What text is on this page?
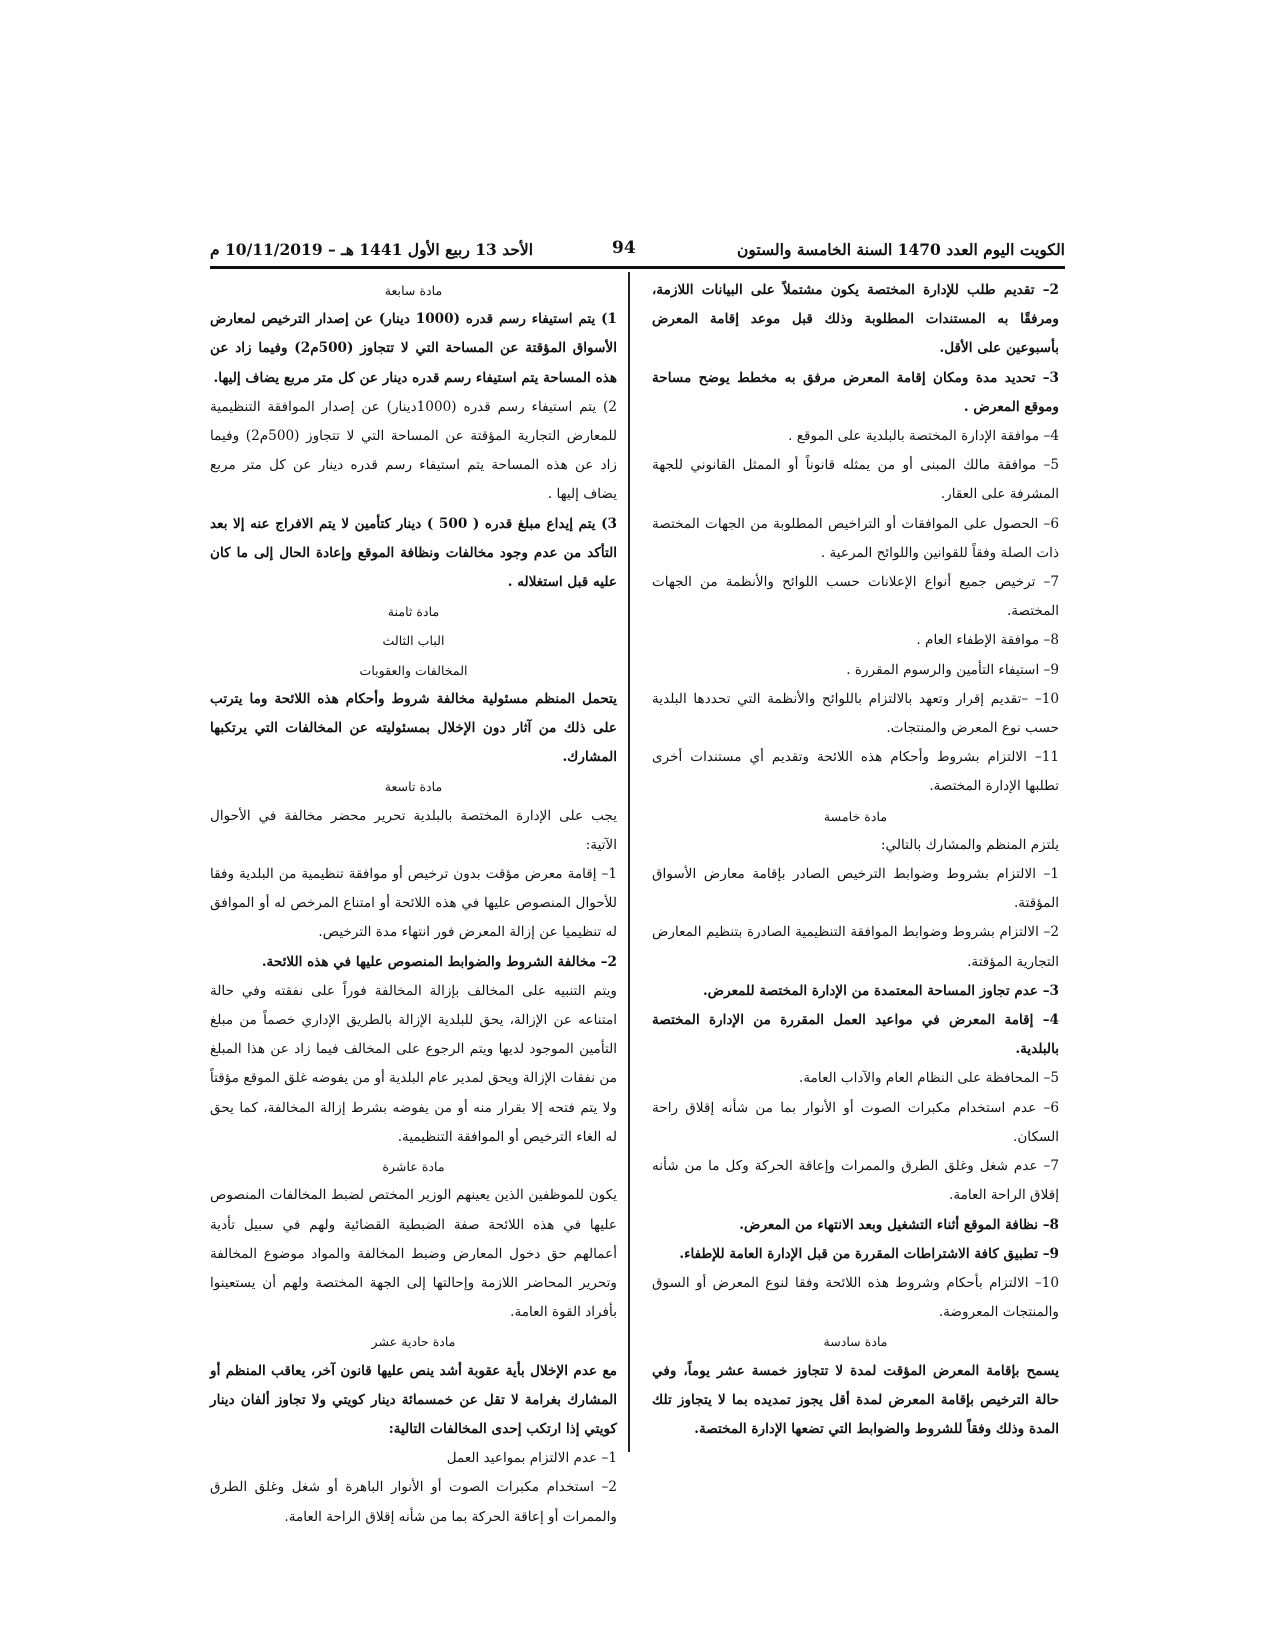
الأحد 13 ربيع الأول 1441 هـ – 10/11/2019 م	94	الكويت اليوم العدد 1470 السنة الخامسة والستون

2– تقديم طلب للإدارة المختصة يكون مشتملاً على البيانات اللازمة، ومرفقًا به المستندات المطلوبة وذلك قبل موعد إقامة المعرض بأسبوعين على الأقل.

3– تحديد مدة ومكان إقامة المعرض مرفق به مخطط يوضح مساحة وموقع المعرض .

4– موافقة الإدارة المختصة بالبلدية على الموقع .

5– موافقة مالك المبنى أو من يمثله قانوناً أو الممثل القانوني للجهة المشرفة على العقار.

6– الحصول على الموافقات أو التراخيص المطلوبة من الجهات المختصة ذات الصلة وفقاً للقوانين واللوائح المرعية .

7– ترخيص جميع أنواع الإعلانات حسب اللوائح والأنظمة من الجهات المختصة.

8– موافقة الإطفاء العام .

9– استيفاء التأمين والرسوم المقررة .

10– –تقديم إقرار وتعهد بالالتزام باللوائح والأنظمة التي تحددها البلدية حسب نوع المعرض والمنتجات.

11– الالتزام بشروط وأحكام هذه اللائحة وتقديم أي مستندات أخرى تطلبها الإدارة المختصة.

مادة خامسة

يلتزم المنظم والمشارك بالتالي:

1– الالتزام بشروط وضوابط الترخيص الصادر بإقامة معارض الأسواق المؤقتة.

2– الالتزام بشروط وضوابط الموافقة التنظيمية الصادرة بتنظيم المعارض التجارية المؤقتة.

3– عدم تجاوز المساحة المعتمدة من الإدارة المختصة للمعرض.

4– إقامة المعرض في مواعيد العمل المقررة من الإدارة المختصة بالبلدية.

5– المحافظة على النظام العام والآداب العامة.

6– عدم استخدام مكبرات الصوت أو الأنوار بما من شأنه إقلاق راحة السكان.

7– عدم شغل وغلق الطرق والممرات وإعاقة الحركة وكل ما من شأنه إقلاق الراحة العامة.

8– نظافة الموقع أثناء التشغيل وبعد الانتهاء من المعرض.

9– تطبيق كافة الاشتراطات المقررة من قبل الإدارة العامة للإطفاء.

10– الالتزام بأحكام وشروط هذه اللائحة وفقا لنوع المعرض أو السوق والمنتجات المعروضة.

مادة سادسة

يسمح بإقامة المعرض المؤقت لمدة لا تتجاوز خمسة عشر يوماً، وفي حالة الترخيص بإقامة المعرض لمدة أقل يجوز تمديده بما لا يتجاوز تلك المدة وذلك وفقاً للشروط والضوابط التي تضعها الإدارة المختصة.

مادة سابعة

1) يتم استيفاء رسم قدره (1000 دينار) عن إصدار الترخيص لمعارض الأسواق المؤقتة عن المساحة التي لا تتجاوز (500م2) وفيما زاد عن هذه المساحة يتم استيفاء رسم قدره دينار عن كل متر مربع يضاف إليها.

2) يتم استيفاء رسم قدره (1000دينار) عن إصدار الموافقة التنظيمية للمعارض التجارية المؤقتة عن المساحة التي لا تتجاوز (500م2) وفيما زاد عن هذه المساحة يتم استيفاء رسم قدره دينار عن كل متر مربع يضاف إليها .

3) يتم إيداع مبلغ قدره ( 500 ) دينار كتأمين لا يتم الافراج عنه إلا بعد التأكد من عدم وجود مخالفات ونظافة الموقع وإعادة الحال إلى ما كان عليه قبل استغلاله .

مادة ثامنة

الباب الثالث

المخالفات والعقوبات

يتحمل المنظم مسئولية مخالفة شروط وأحكام هذه اللائحة وما يترتب على ذلك من آثار دون الإخلال بمسئوليته عن المخالفات التي يرتكبها المشارك.

مادة تاسعة

يجب على الإدارة المختصة بالبلدية تحرير محضر مخالفة في الأحوال الآتية:

1– إقامة معرض مؤقت بدون ترخيص أو موافقة تنظيمية من البلدية وفقا للأحوال المنصوص عليها في هذه اللائحة أو امتناع المرخص له أو الموافق له تنظيميا عن إزالة المعرض فور انتهاء مدة الترخيص.

2– مخالفة الشروط والضوابط المنصوص عليها في هذه اللائحة.

ويتم التنبيه على المخالف بإزالة المخالفة فوراً على نفقته وفي حالة امتناعه عن الإزالة، يحق للبلدية الإزالة بالطريق الإداري خصماً من مبلغ التأمين الموجود لديها ويتم الرجوع على المخالف فيما زاد عن هذا المبلغ من نفقات الإزالة ويحق لمدير عام البلدية أو من يفوضه غلق الموقع مؤقتاً ولا يتم فتحه إلا بقرار منه أو من يفوضه بشرط إزالة المخالفة، كما يحق له الغاء الترخيص أو الموافقة التنظيمية.

مادة عاشرة

يكون للموظفين الذين يعينهم الوزير المختص لضبط المخالفات المنصوص عليها في هذه اللائحة صفة الضبطية القضائية ولهم في سبيل تأدية أعمالهم حق دخول المعارض وضبط المخالفة والمواد موضوع المخالفة وتحرير المحاضر اللازمة وإحالتها إلى الجهة المختصة ولهم أن يستعينوا بأفراد القوة العامة.

مادة حادية عشر

مع عدم الإخلال بأية عقوبة أشد ينص عليها قانون آخر، يعاقب المنظم أو المشارك بغرامة لا تقل عن خمسمائة دينار كويتي ولا تجاوز ألفان دينار كويتي إذا ارتكب إحدى المخالفات التالية:

1– عدم الالتزام بمواعيد العمل

2– استخدام مكبرات الصوت أو الأنوار الباهرة أو شغل وغلق الطرق والممرات أو إعاقة الحركة بما من شأنه إقلاق الراحة العامة.
